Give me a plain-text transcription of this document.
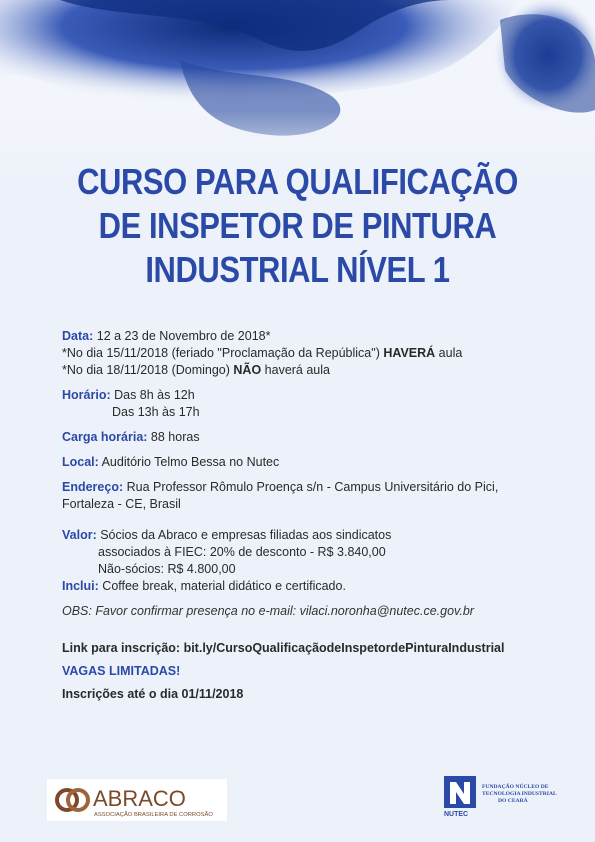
CURSO PARA QUALIFICAÇÃO
DE INSPETOR DE PINTURA
INDUSTRIAL NÍVEL 1
Data: 12 a 23 de Novembro de 2018*
*No dia 15/11/2018 (feriado "Proclamação da República") HAVERÁ aula
*No dia 18/11/2018 (Domingo) NÃO haverá aula
Horário: Das 8h às 12h
Das 13h às 17h
Carga horária: 88 horas
Local: Auditório Telmo Bessa no Nutec
Endereço: Rua Professor Rômulo Proença s/n - Campus Universitário do Pici,
Fortaleza - CE, Brasil
Valor: Sócios da Abraco e empresas filiadas aos sindicatos
associados à FIEC: 20% de desconto - R$ 3.840,00
Não-sócios: R$ 4.800,00
Inclui: Coffee break, material didático e certificado.
OBS: Favor confirmar presença no e-mail: vilaci.noronha@nutec.ce.gov.br
Link para inscrição: bit.ly/CursoQualificaçãodeInspetordePinturaIndustrial
VAGAS LIMITADAS!
Inscrições até o dia 01/11/2018
ABRACO
ASSOCIAÇÃO BRASILEIRA DE CORROSÃO	NUTEC
FUNDAÇÃO NÚCLEO DE
TECNOLOGIA INDUSTRIAL
DO CEARÁ
